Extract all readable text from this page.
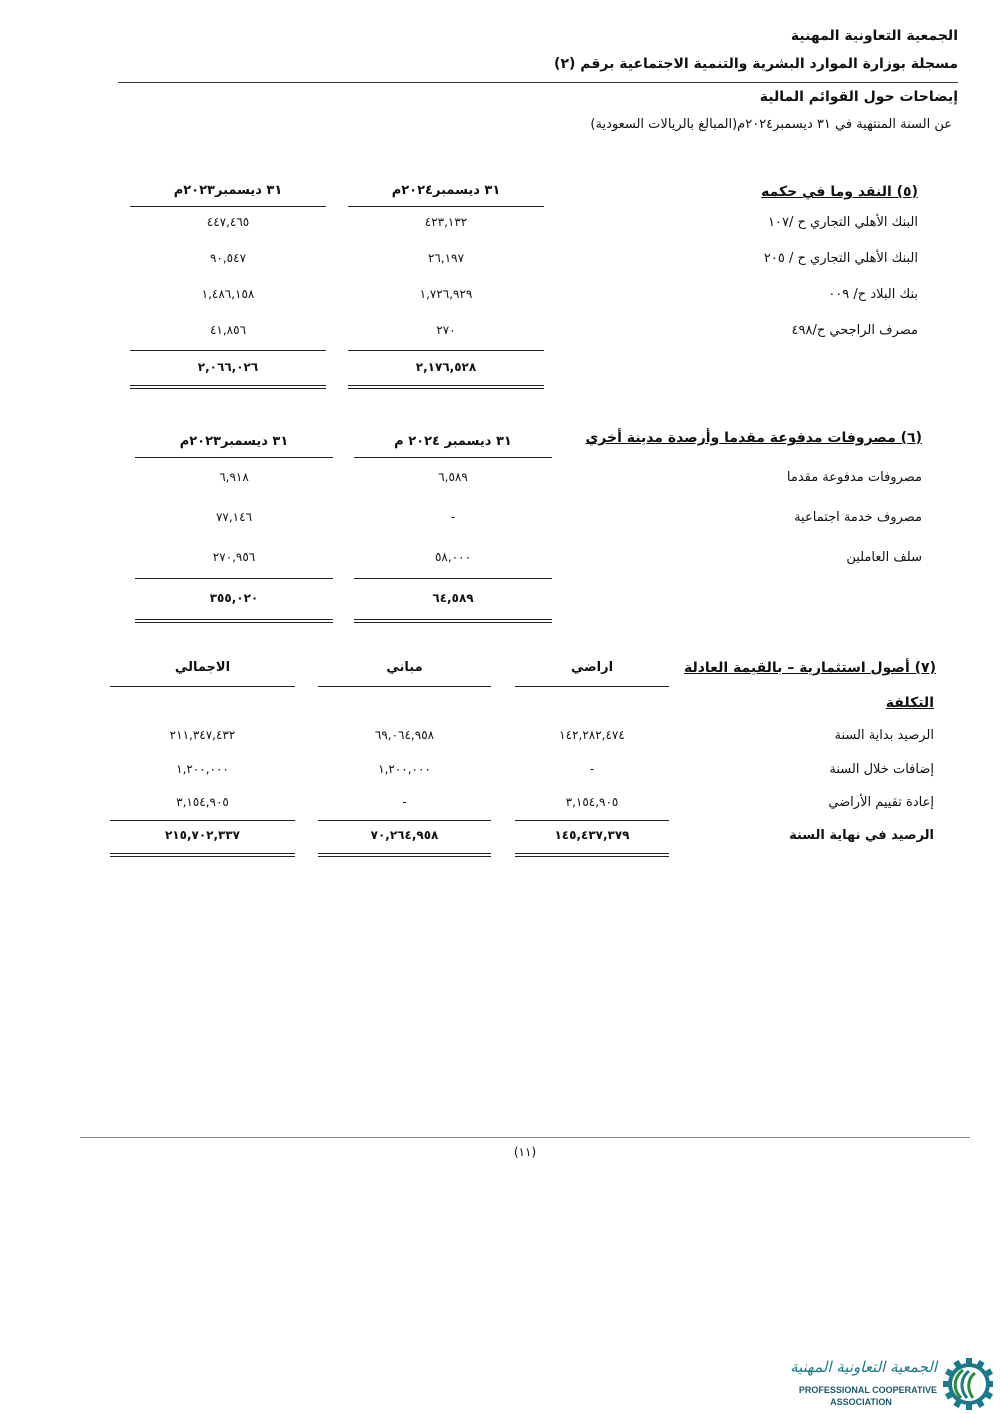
الجمعية التعاونية المهنية
مسجلة بوزارة الموارد البشرية والتنمية الاجتماعية برقم (٢)
إيضاحات حول القوائم المالية
عن السنة المنتهية في ٣١ ديسمبر٢٠٢٤م(المبالغ بالريالات السعودية)
(٥) النقد وما في حكمه
٣١ ديسمبر٢٠٢٤م
٣١ ديسمبر٢٠٢٣م
البنك الأهلي التجاري ح /١٠٧
٤٢٣,١٣٢
٤٤٧,٤٦٥
البنك الأهلي التجاري ح / ٢٠٥
٢٦,١٩٧
٩٠,٥٤٧
بنك البلاد ح/ ٠٠٩
١,٧٢٦,٩٢٩
١,٤٨٦,١٥٨
مصرف الراجحي ح/٤٩٨
٢٧٠
٤١,٨٥٦
٢,١٧٦,٥٢٨
٢,٠٦٦,٠٢٦
(٦) مصروفات مدفوعة مقدما وأرصدة مدينة أخري
٣١ ديسمبر ٢٠٢٤ م
٣١ ديسمبر٢٠٢٣م
مصروفات مدفوعة مقدما
٦,٥٨٩
٦,٩١٨
مصروف خدمة اجتماعية
-
٧٧,١٤٦
سلف العاملين
٥٨,٠٠٠
٢٧٠,٩٥٦
٦٤,٥٨٩
٣٥٥,٠٢٠
(٧) أصول استثمارية – بالقيمة العادلة
اراضي
مباني
الاجمالي
التكلفة
الرصيد بداية السنة
١٤٢,٢٨٢,٤٧٤
٦٩,٠٦٤,٩٥٨
٢١١,٣٤٧,٤٣٢
إضافات خلال السنة
-
١,٢٠٠,٠٠٠
١,٢٠٠,٠٠٠
إعادة تقييم الأراضي
٣,١٥٤,٩٠٥
-
٣,١٥٤,٩٠٥
الرصيد في نهاية السنة
١٤٥,٤٣٧,٣٧٩
٧٠,٢٦٤,٩٥٨
٢١٥,٧٠٢,٣٣٧
(١١)
الجمعية التعاونية المهنية
PROFESSIONAL COOPERATIVE
ASSOCIATION
